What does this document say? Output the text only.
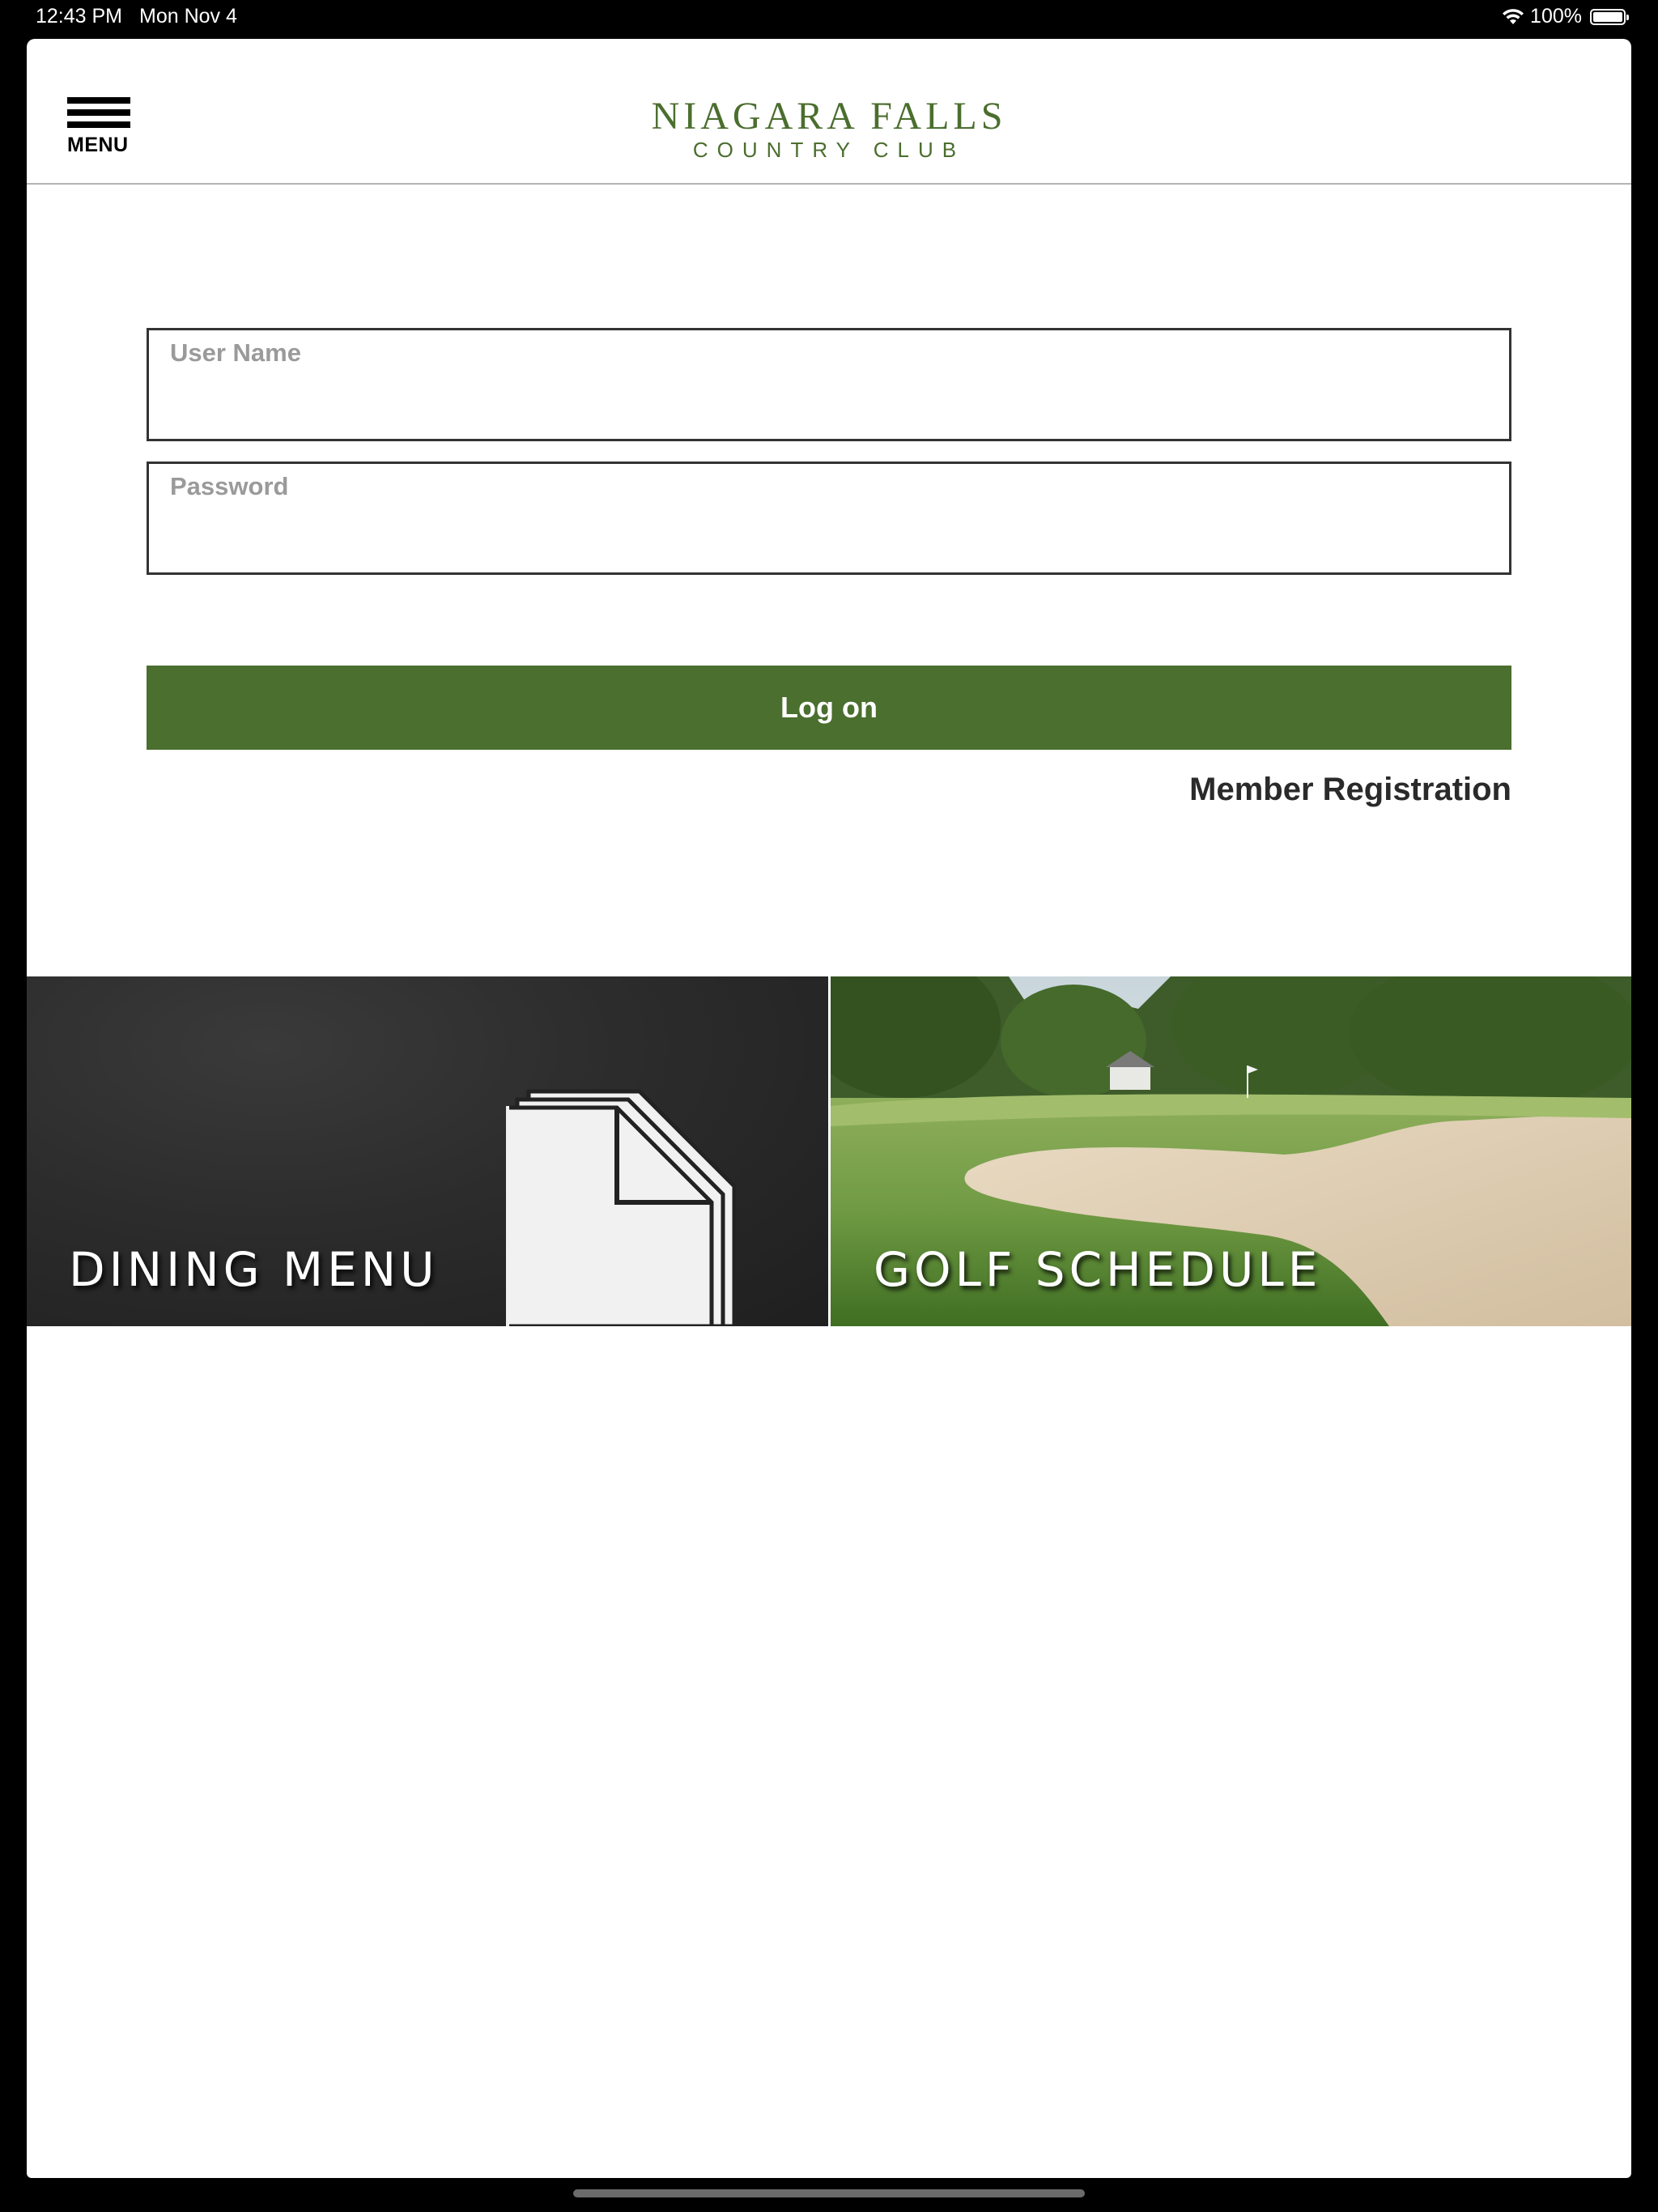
12:43 PM Mon Nov 4	100%
MENU
NIAGARA FALLS
COUNTRY CLUB
User Name
Password
Log on
Member Registration
DINING MENU	GOLF SCHEDULE
